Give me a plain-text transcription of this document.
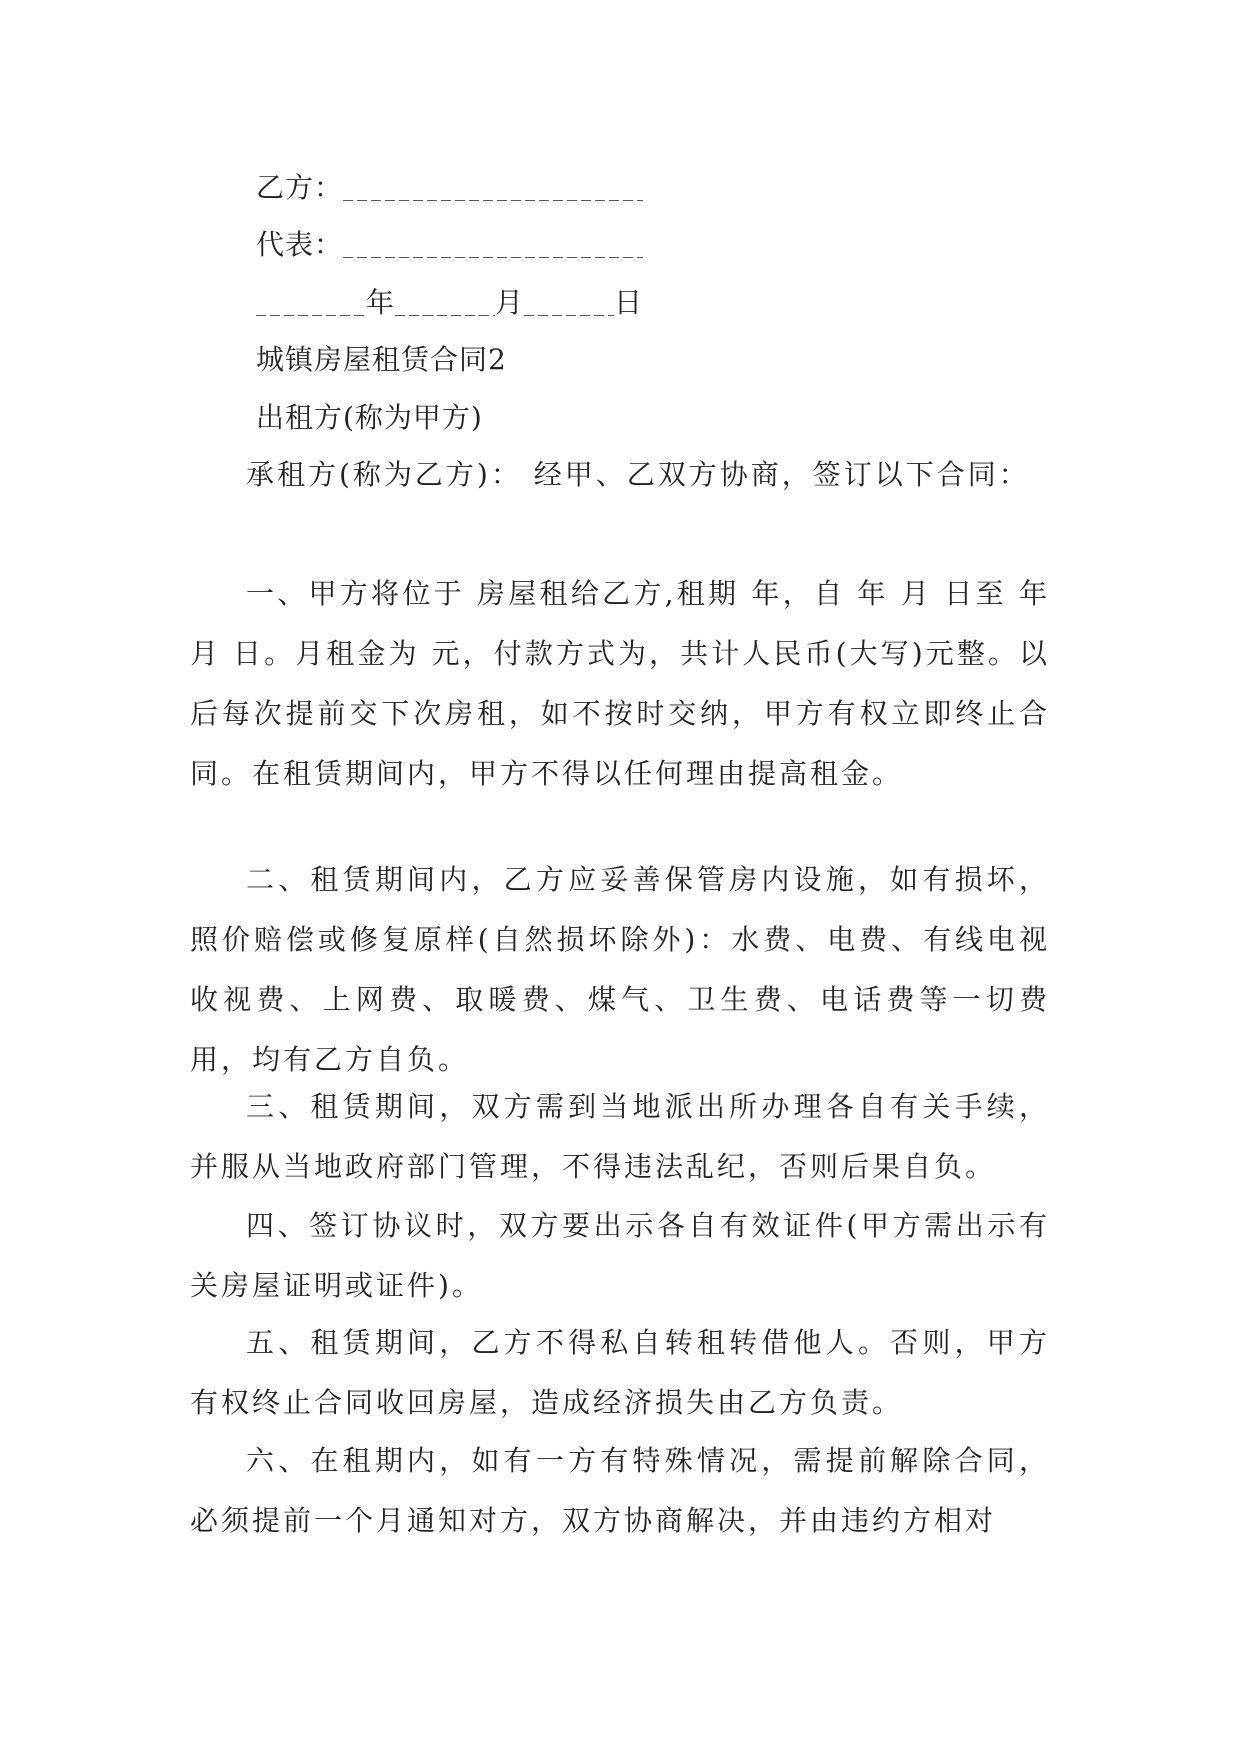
乙方：
代表：
年	月	日
城镇房屋租赁合同2
出租方(称为甲方)

承租方(称为乙方)： 经甲、乙双方协商，签订以下合同：

一、甲方将位于 房屋租给乙方,租期 年，自 年 月 日至 年 月 日。月租金为 元，付款方式为，共计人民币(大写)元整。以后每次提前交下次房租，如不按时交纳，甲方有权立即终止合同。在租赁期间内，甲方不得以任何理由提高租金。

二、租赁期间内，乙方应妥善保管房内设施，如有损坏，照价赔偿或修复原样(自然损坏除外)：水费、电费、有线电视收视费、上网费、取暖费、煤气、卫生费、电话费等一切费用，均有乙方自负。

三、租赁期间，双方需到当地派出所办理各自有关手续，并服从当地政府部门管理，不得违法乱纪，否则后果自负。

四、签订协议时，双方要出示各自有效证件(甲方需出示有关房屋证明或证件)。

五、租赁期间，乙方不得私自转租转借他人。否则，甲方有权终止合同收回房屋，造成经济损失由乙方负责。

六、在租期内，如有一方有特殊情况，需提前解除合同，必须提前一个月通知对方，双方协商解决，并由违约方相对
